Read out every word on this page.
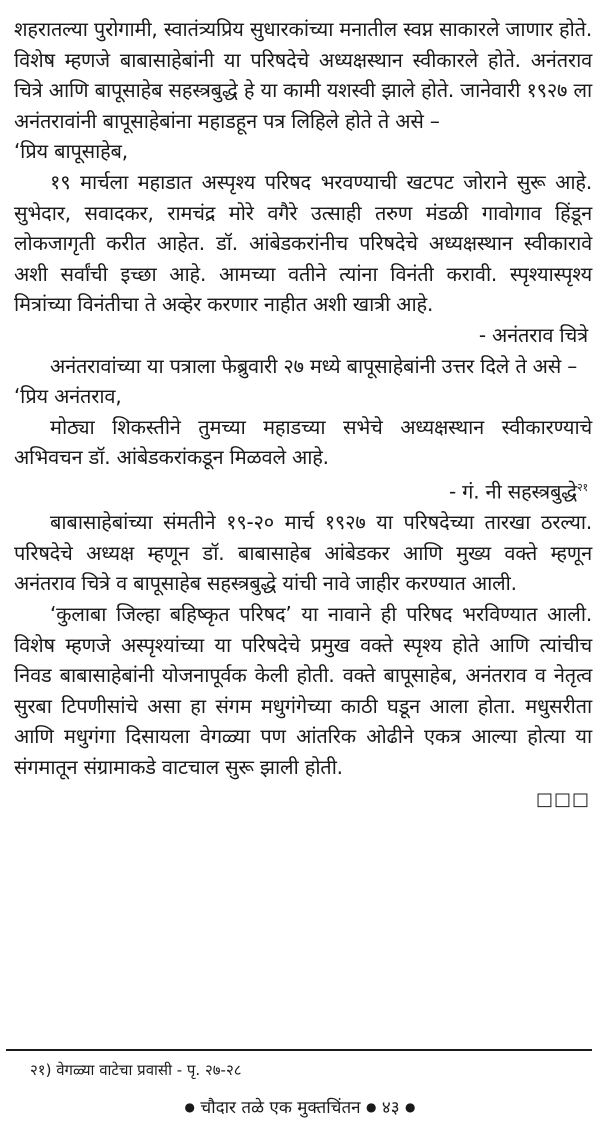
शहरातल्या पुरोगामी, स्वातंत्र्यप्रिय सुधारकांच्या मनातील स्वप्न साकारले जाणार होते. विशेष म्हणजे बाबासाहेबांनी या परिषदेचे अध्यक्षस्थान स्वीकारले होते. अनंतराव चित्रे आणि बापूसाहेब सहस्त्रबुद्धे हे या कामी यशस्वी झाले होते. जानेवारी १९२७ ला अनंतरावांनी बापूसाहेबांना महाडहून पत्र लिहिले होते ते असे –

‘प्रिय बापूसाहेब,

१९ मार्चला महाडात अस्पृश्य परिषद भरवण्याची खटपट जोराने सुरू आहे. सुभेदार, सवादकर, रामचंद्र मोरे वगैरे उत्साही तरुण मंडळी गावोगाव हिंडून लोकजागृती करीत आहेत. डॉ. आंबेडकरांनीच परिषदेचे अध्यक्षस्थान स्वीकारावे अशी सर्वांची इच्छा आहे. आमच्या वतीने त्यांना विनंती करावी. स्पृश्यास्पृश्य मित्रांच्या विनंतीचा ते अव्हेर करणार नाहीत अशी खात्री आहे.

- अनंतराव चित्रे

अनंतरावांच्या या पत्राला फेब्रुवारी २७ मध्ये बापूसाहेबांनी उत्तर दिले ते असे –

‘प्रिय अनंतराव,

मोठ्या शिकस्तीने तुमच्या महाडच्या सभेचे अध्यक्षस्थान स्वीकारण्याचे अभिवचन डॉ. आंबेडकरांकडून मिळवले आहे.

- गं. नी सहस्त्रबुद्धे$^{२१}$

बाबासाहेबांच्या संमतीने १९-२० मार्च १९२७ या परिषदेच्या तारखा ठरल्या. परिषदेचे अध्यक्ष म्हणून डॉ. बाबासाहेब आंबेडकर आणि मुख्य वक्ते म्हणून अनंतराव चित्रे व बापूसाहेब सहस्त्रबुद्धे यांची नावे जाहीर करण्यात आली.

‘कुलाबा जिल्हा बहिष्कृत परिषद’ या नावाने ही परिषद भरविण्यात आली. विशेष म्हणजे अस्पृश्यांच्या या परिषदेचे प्रमुख वक्ते स्पृश्य होते आणि त्यांचीच निवड बाबासाहेबांनी योजनापूर्वक केली होती. वक्ते बापूसाहेब, अनंतराव व नेतृत्व सुरबा टिपणीसांचे असा हा संगम मधुगंगेच्या काठी घडून आला होता. मधुसरीता आणि मधुगंगा दिसायला वेगळ्या पण आंतरिक ओढीने एकत्र आल्या होत्या या संगमातून संग्रामाकडे वाटचाल सुरू झाली होती.

□□□

२१) वेगळ्या वाटेचा प्रवासी - पृ. २७-२८
● चौदार तळे एक मुक्तचिंतन ● ४३ ●
